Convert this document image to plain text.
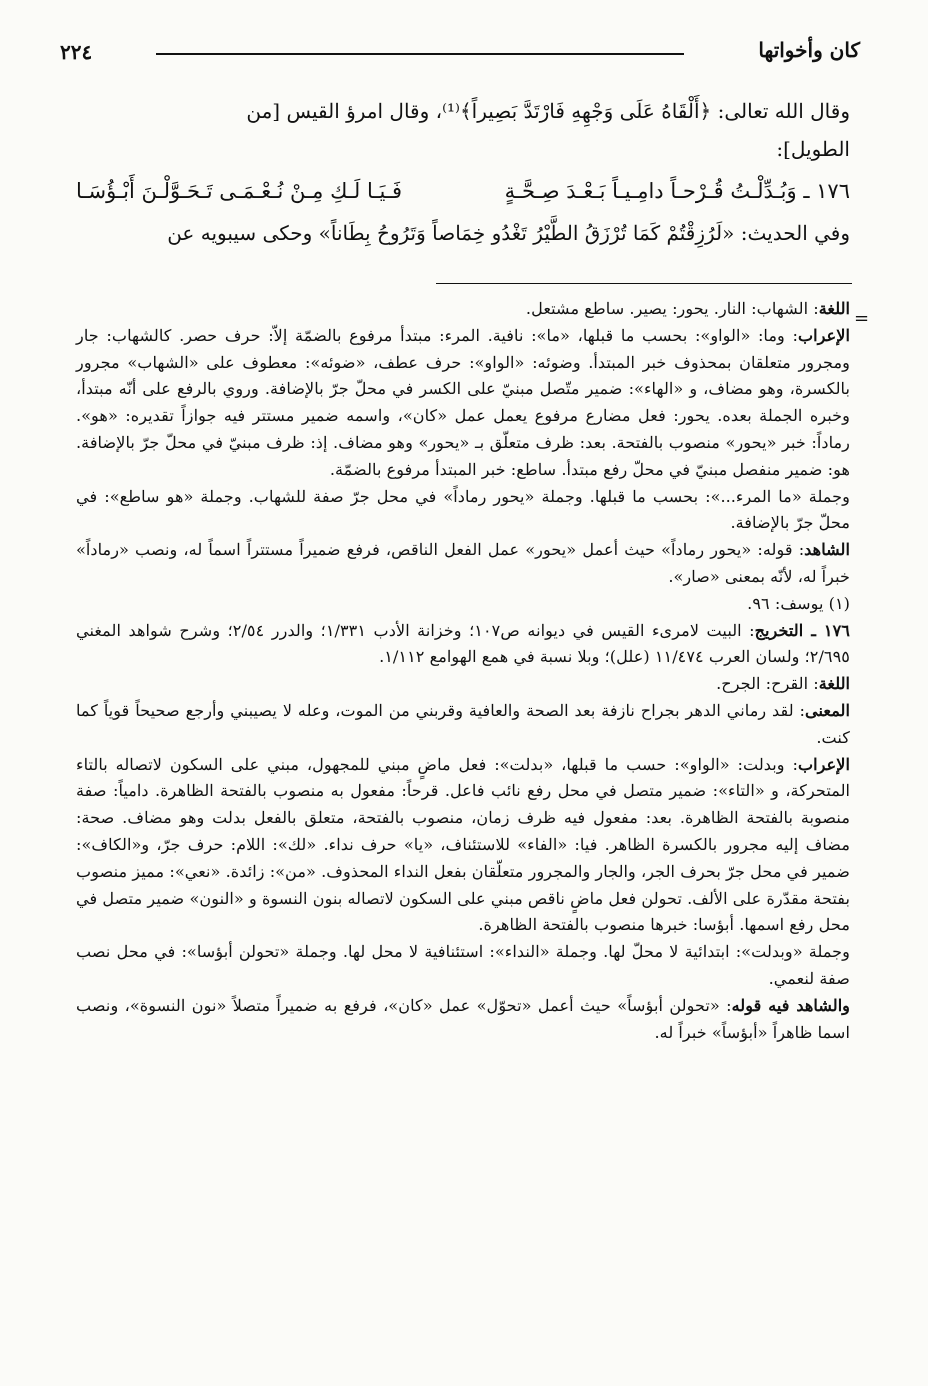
كان وأخواتها
٢٢٤

وقال الله تعالى: ﴿أَلْقَاهُ عَلَى وَجْهِهِ فَارْتَدَّ بَصِيراً﴾⁽¹⁾، وقال امرؤ القيس [من

الطويل]:

١٧٦ ـ وَبُـدِّلْـتُ قُـرْحـاً دامِـيـاً بَـعْـدَ صِـحَّـةٍ
فَـيَـا لَـكِ مِـنْ نُـعْـمَـى تَـحَـوَّلْـنَ أَبْـؤُسَـا

وفي الحديث: «لَرُزِقْتُمْ كَمَا تُرْزَقُ الطَّيْرُ تَغْدُو خِمَاصاً وَتَرُوحُ بِطَاناً» وحكى سيبويه عن

=

اللغة: الشهاب: النار. يحور: يصير. ساطع مشتعل.

الإعراب: وما: «الواو»: بحسب ما قبلها، «ما»: نافية. المرء: مبتدأ مرفوع بالضمّة إلاّ: حرف حصر. كالشهاب: جار ومجرور متعلقان بمحذوف خبر المبتدأ. وضوئه: «الواو»: حرف عطف، «ضوئه»: معطوف على «الشهاب» مجرور بالكسرة، وهو مضاف، و «الهاء»: ضمير متّصل مبنيّ على الكسر في محلّ جرّ بالإضافة. وروي بالرفع على أنّه مبتدأ، وخبره الجملة بعده. يحور: فعل مضارع مرفوع يعمل عمل «كان»، واسمه ضمير مستتر فيه جوازاً تقديره: «هو». رماداً: خبر «يحور» منصوب بالفتحة. بعد: ظرف متعلّق بـ «يحور» وهو مضاف. إذ: ظرف مبنيّ في محلّ جرّ بالإضافة. هو: ضمير منفصل مبنيّ في محلّ رفع مبتدأ. ساطع: خبر المبتدأ مرفوع بالضمّة.

وجملة «ما المرء...»: بحسب ما قبلها. وجملة «يحور رماداً» في محل جرّ صفة للشهاب. وجملة «هو ساطع»: في محلّ جرّ بالإضافة.

الشاهد: قوله: «يحور رماداً» حيث أعمل «يحور» عمل الفعل الناقص، فرفع ضميراً مستتراً اسماً له، ونصب «رماداً» خبراً له، لأنّه بمعنى «صار».

(١) يوسف: ٩٦.

١٧٦ ـ التخريج: البيت لامرىء القيس في ديوانه ص١٠٧؛ وخزانة الأدب ١/٣٣١؛ والدرر ٢/٥٤؛ وشرح شواهد المغني ٢/٦٩٥؛ ولسان العرب ١١/٤٧٤ (علل)؛ وبلا نسبة في همع الهوامع ١/١١٢.

اللغة: القرح: الجرح.

المعنى: لقد رماني الدهر بجراح نازفة بعد الصحة والعافية وقربني من الموت، وعله لا يصيبني وأرجع صحيحاً قوياً كما كنت.

الإعراب: وبدلت: «الواو»: حسب ما قبلها، «بدلت»: فعل ماضٍ مبني للمجهول، مبني على السكون لاتصاله بالتاء المتحركة، و «التاء»: ضمير متصل في محل رفع نائب فاعل. قرحاً: مفعول به منصوب بالفتحة الظاهرة. دامياً: صفة منصوبة بالفتحة الظاهرة. بعد: مفعول فيه ظرف زمان، منصوب بالفتحة، متعلق بالفعل بدلت وهو مضاف. صحة: مضاف إليه مجرور بالكسرة الظاهر. فيا: «الفاء» للاستئناف، «يا» حرف نداء. «لك»: اللام: حرف جرّ، و«الكاف»: ضمير في محل جرّ بحرف الجر، والجار والمجرور متعلّقان بفعل النداء المحذوف. «من»: زائدة. «نعي»: مميز منصوب بفتحة مقدّرة على الألف. تحولن فعل ماضٍ ناقص مبني على السكون لاتصاله بنون النسوة و «النون» ضمير متصل في محل رفع اسمها. أبؤسا: خبرها منصوب بالفتحة الظاهرة.

وجملة «وبدلت»: ابتدائية لا محلّ لها. وجملة «النداء»: استئنافية لا محل لها. وجملة «تحولن أبؤسا»: في محل نصب صفة لنعمي.

والشاهد فيه قوله: «تحولن أبؤساً» حيث أعمل «تحوّل» عمل «كان»، فرفع به ضميراً متصلاً «نون النسوة»، ونصب اسما ظاهراً «أبؤساً» خبراً له.
